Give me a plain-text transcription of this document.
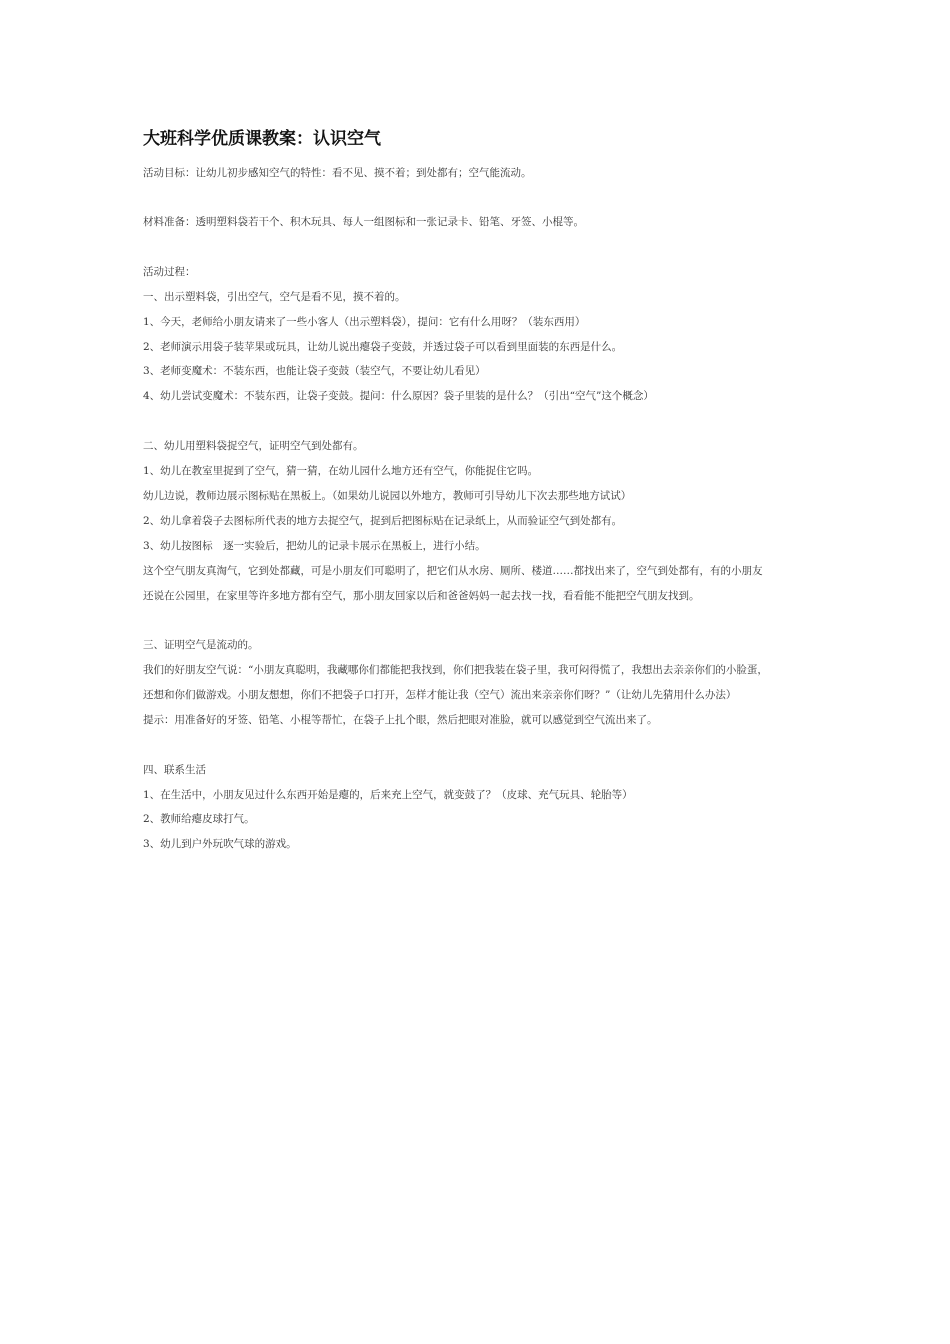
大班科学优质课教案：认识空气
活动目标：让幼儿初步感知空气的特性：看不见、摸不着；到处都有；空气能流动。
材料准备：透明塑料袋若干个、积木玩具、每人一组图标和一张记录卡、铅笔、牙签、小棍等。
活动过程：
一、出示塑料袋，引出空气，空气是看不见，摸不着的。
1、今天，老师给小朋友请来了一些小客人（出示塑料袋），提问：它有什么用呀？（装东西用）
2、老师演示用袋子装苹果或玩具，让幼儿说出瘪袋子变鼓，并透过袋子可以看到里面装的东西是什么。
3、老师变魔术：不装东西，也能让袋子变鼓（装空气，不要让幼儿看见）
4、幼儿尝试变魔术：不装东西，让袋子变鼓。提问：什么原因？袋子里装的是什么？（引出“空气”这个概念）
二、幼儿用塑料袋捉空气，证明空气到处都有。
1、幼儿在教室里捉到了空气，猜一猜，在幼儿园什么地方还有空气，你能捉住它吗。
幼儿边说，教师边展示图标贴在黑板上。（如果幼儿说园以外地方，教师可引导幼儿下次去那些地方试试）
2、幼儿拿着袋子去图标所代表的地方去捉空气，捉到后把图标贴在记录纸上，从而验证空气到处都有。
3、幼儿按图标　逐一实验后，把幼儿的记录卡展示在黑板上，进行小结。
这个空气朋友真淘气，它到处都藏，可是小朋友们可聪明了，把它们从水房、厕所、楼道……都找出来了，空气到处都有，有的小朋友
还说在公园里，在家里等许多地方都有空气，那小朋友回家以后和爸爸妈妈一起去找一找，看看能不能把空气朋友找到。
三、证明空气是流动的。
我们的好朋友空气说：“小朋友真聪明，我藏哪你们都能把我找到，你们把我装在袋子里，我可闷得慌了，我想出去亲亲你们的小脸蛋，
还想和你们做游戏。小朋友想想，你们不把袋子口打开，怎样才能让我（空气）流出来亲亲你们呀？”（让幼儿先猜用什么办法）
提示：用准备好的牙签、铅笔、小棍等帮忙，在袋子上扎个眼，然后把眼对准脸，就可以感觉到空气流出来了。
四、联系生活
1、在生活中，小朋友见过什么东西开始是瘪的，后来充上空气，就变鼓了？（皮球、充气玩具、轮胎等）
2、教师给瘪皮球打气。
3、幼儿到户外玩吹气球的游戏。
